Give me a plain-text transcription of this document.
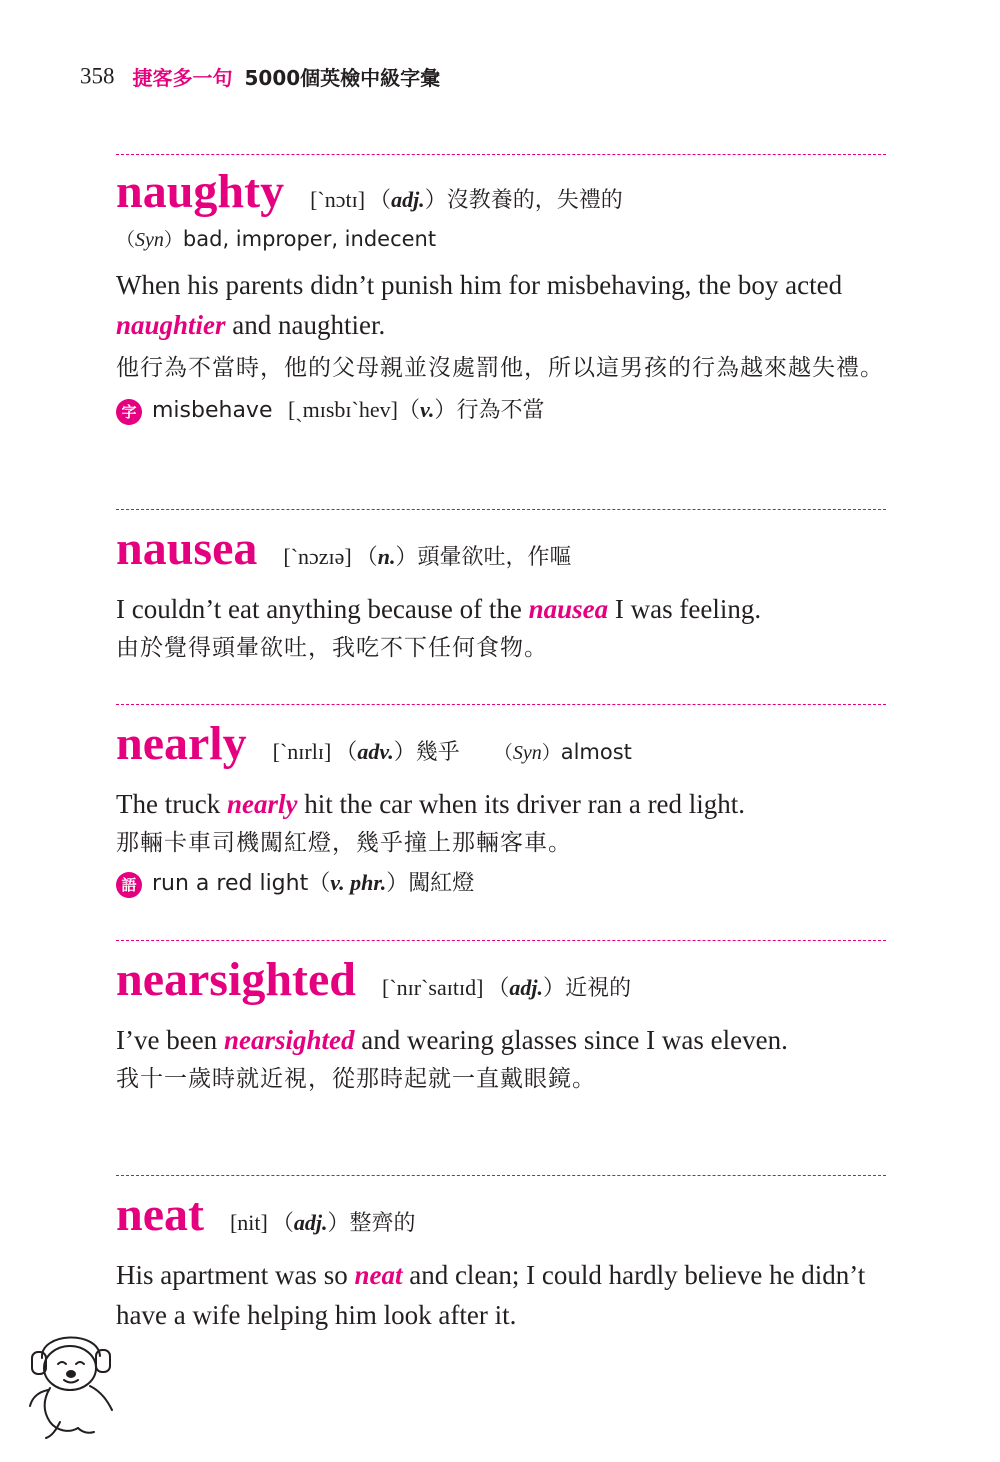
358 捷客多一句 5000個英檢中級字彙
naughty [ˋnɔtɪ] （adj.）沒教養的，失禮的
（Syn）bad, improper, indecent
When his parents didn’t punish him for misbehaving, the boy acted naughtier and naughtier.
他行為不當時，他的父母親並沒處罰他，所以這男孩的行為越來越失禮。
字 misbehave [ˏmɪsbɪˋhev]（v.）行為不當
nausea [ˋnɔzɪə] （n.）頭暈欲吐，作嘔
I couldn’t eat anything because of the nausea I was feeling.
由於覺得頭暈欲吐，我吃不下任何食物。
nearly [ˋnɪrlɪ] （adv.）幾乎 （Syn）almost
The truck nearly hit the car when its driver ran a red light.
那輛卡車司機闖紅燈，幾乎撞上那輛客車。
語 run a red light（v. phr.）闖紅燈
nearsighted [ˋnɪrˋsaɪtɪd] （adj.）近視的
I’ve been nearsighted and wearing glasses since I was eleven.
我十一歲時就近視，從那時起就一直戴眼鏡。
neat [nit] （adj.）整齊的
His apartment was so neat and clean; I could hardly believe he didn’t have a wife helping him look after it.
